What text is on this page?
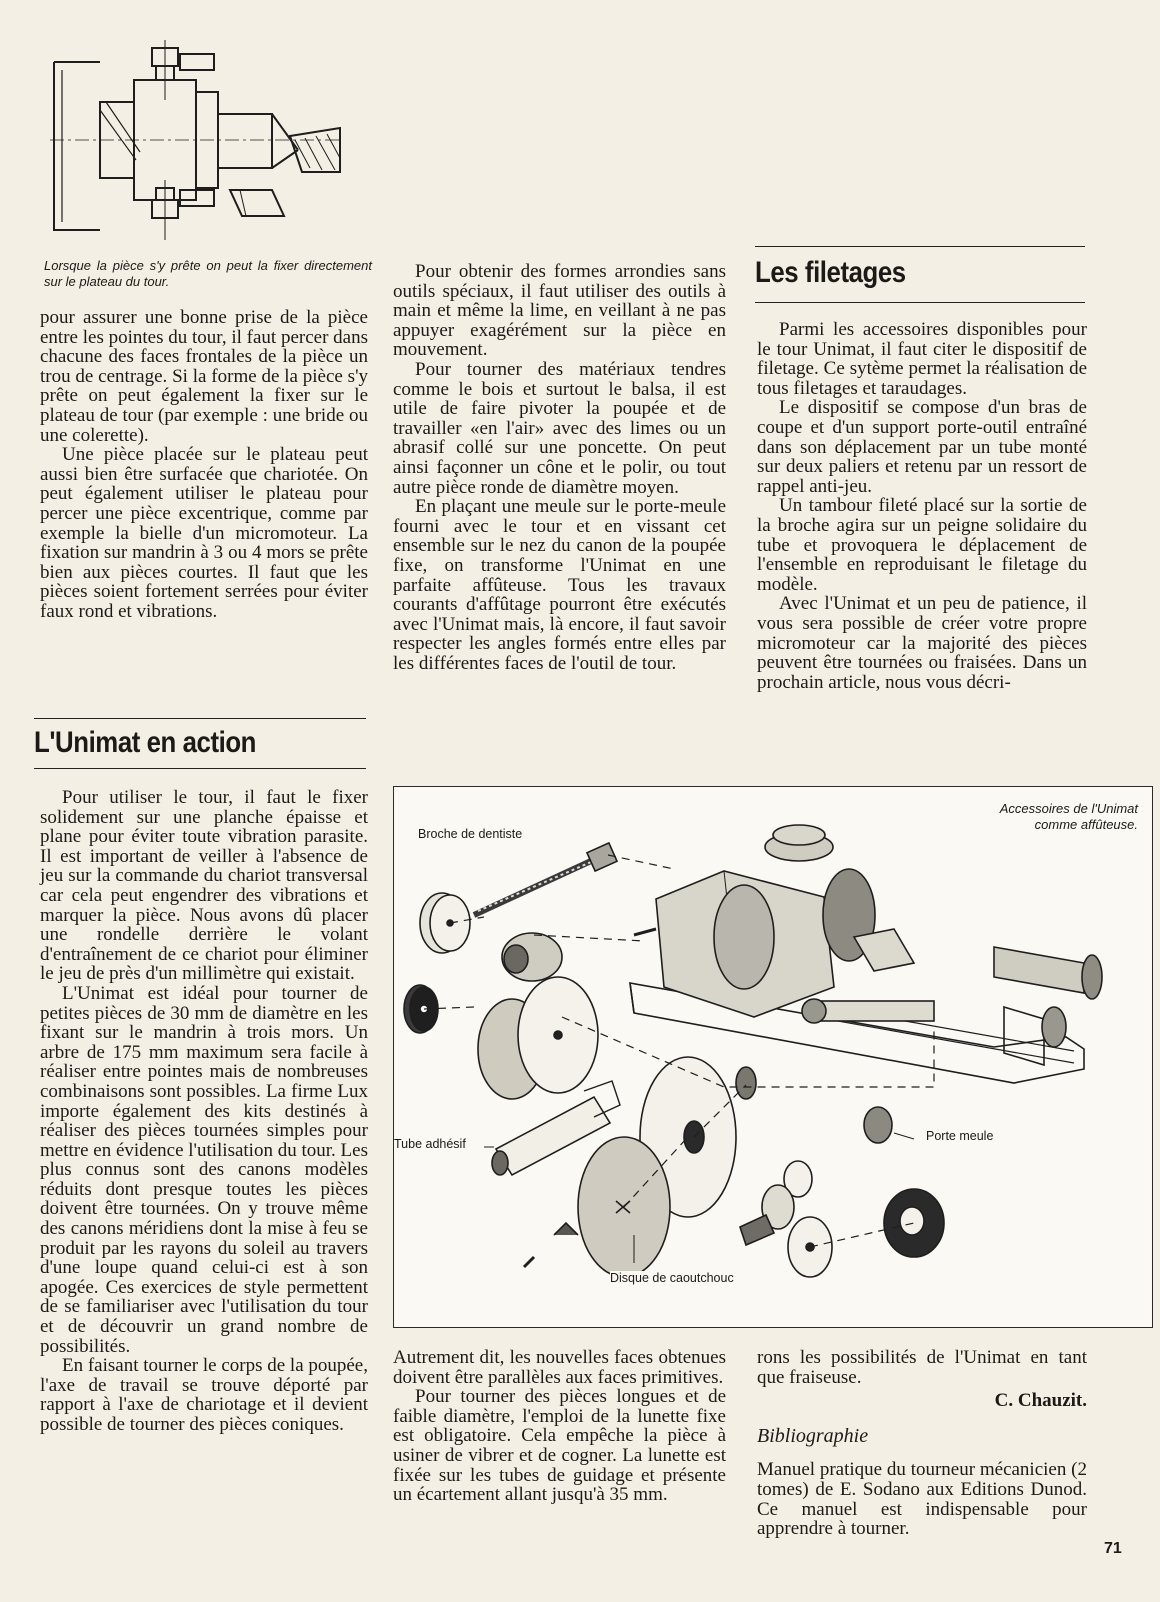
Lorsque la pièce s'y prête on peut la fixer directement sur le plateau du tour.

pour assurer une bonne prise de la pièce entre les pointes du tour, il faut percer dans chacune des faces frontales de la pièce un trou de centrage. Si la forme de la pièce s'y prête on peut également la fixer sur le plateau de tour (par exemple : une bride ou une colerette).

Une pièce placée sur le plateau peut aussi bien être surfacée que chariotée. On peut également utiliser le plateau pour percer une pièce excentrique, comme par exemple la bielle d'un micromoteur. La fixation sur mandrin à 3 ou 4 mors se prête bien aux pièces courtes. Il faut que les pièces soient fortement serrées pour éviter faux rond et vibrations.

L'Unimat en action

Pour utiliser le tour, il faut le fixer solidement sur une planche épaisse et plane pour éviter toute vibration parasite. Il est important de veiller à l'absence de jeu sur la commande du chariot transversal car cela peut engendrer des vibrations et marquer la pièce. Nous avons dû placer une rondelle derrière le volant d'entraînement de ce chariot pour éliminer le jeu de près d'un millimètre qui existait.

L'Unimat est idéal pour tourner de petites pièces de 30 mm de diamètre en les fixant sur le mandrin à trois mors. Un arbre de 175 mm maximum sera facile à réaliser entre pointes mais de nombreuses combinaisons sont possibles. La firme Lux importe également des kits destinés à réaliser des pièces tournées simples pour mettre en évidence l'utilisation du tour. Les plus connus sont des canons modèles réduits dont presque toutes les pièces doivent être tournées. On y trouve même des canons méridiens dont la mise à feu se produit par les rayons du soleil au travers d'une loupe quand celui-ci est à son apogée. Ces exercices de style permettent de se familiariser avec l'utilisation du tour et de découvrir un grand nombre de possibilités.

En faisant tourner le corps de la poupée, l'axe de travail se trouve déporté par rapport à l'axe de chariotage et il devient possible de tourner des pièces coniques.

Pour obtenir des formes arrondies sans outils spéciaux, il faut utiliser des outils à main et même la lime, en veillant à ne pas appuyer exagérément sur la pièce en mouvement.

Pour tourner des matériaux tendres comme le bois et surtout le balsa, il est utile de faire pivoter la poupée et de travailler «en l'air» avec des limes ou un abrasif collé sur une poncette. On peut ainsi façonner un cône et le polir, ou tout autre pièce ronde de diamètre moyen.

En plaçant une meule sur le porte-meule fourni avec le tour et en vissant cet ensemble sur le nez du canon de la poupée fixe, on transforme l'Unimat en une parfaite affûteuse. Tous les travaux courants d'affûtage pourront être exécutés avec l'Unimat mais, là encore, il faut savoir respecter les angles formés entre elles par les différentes faces de l'outil de tour.

Les filetages

Parmi les accessoires disponibles pour le tour Unimat, il faut citer le dispositif de filetage. Ce sytème permet la réalisation de tous filetages et taraudages.

Le dispositif se compose d'un bras de coupe et d'un support porte-outil entraîné dans son déplacement par un tube monté sur deux paliers et retenu par un ressort de rappel anti-jeu.

Un tambour fileté placé sur la sortie de la broche agira sur un peigne solidaire du tube et provoquera le déplacement de l'ensemble en reproduisant le filetage du modèle.

Avec l'Unimat et un peu de patience, il vous sera possible de créer votre propre micromoteur car la majorité des pièces peuvent être tournées ou fraisées. Dans un prochain article, nous vous décri-

Accessoires de l'Unimat comme affûteuse.
Broche de dentiste
Tube adhésif
Porte meule
Disque de caoutchouc

Autrement dit, les nouvelles faces obtenues doivent être parallèles aux faces primitives.

Pour tourner des pièces longues et de faible diamètre, l'emploi de la lunette fixe est obligatoire. Cela empêche la pièce à usiner de vibrer et de cogner. La lunette est fixée sur les tubes de guidage et présente un écartement allant jusqu'à 35 mm.

rons les possibilités de l'Unimat en tant que fraiseuse.

C. Chauzit.

Bibliographie

Manuel pratique du tourneur mécanicien (2 tomes) de E. Sodano aux Editions Dunod. Ce manuel est indispensable pour apprendre à tourner.

71
